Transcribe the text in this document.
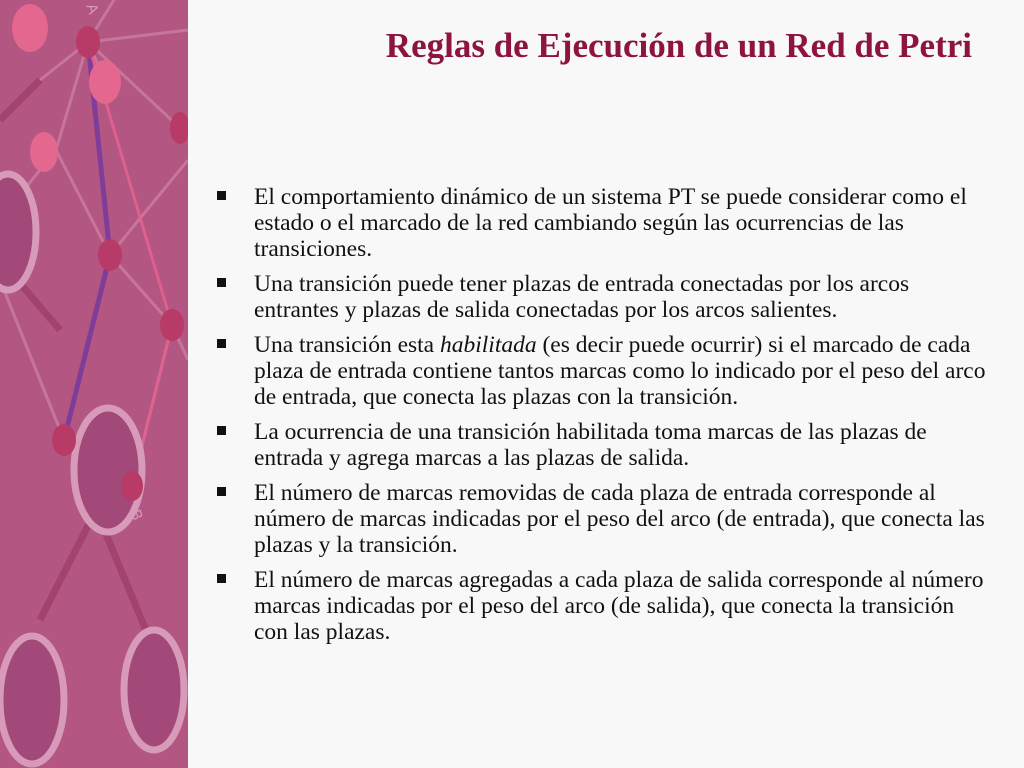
A
B
Reglas de Ejecución de un Red de Petri
El comportamiento dinámico de un sistema PT se puede considerar como el estado o el marcado de la red cambiando según las ocurrencias de las transiciones.
Una transición puede tener plazas de entrada conectadas por los arcos entrantes y plazas de salida conectadas por los arcos salientes.
Una transición esta habilitada (es decir puede ocurrir) si el marcado de cada plaza de entrada contiene tantos marcas como lo indicado por el peso del arco de entrada, que conecta las plazas con la transición.
La ocurrencia de una transición habilitada toma marcas de las plazas de entrada y agrega marcas a las plazas de salida.
El número de marcas removidas de cada plaza de entrada corresponde al número de marcas indicadas por el peso del arco (de entrada), que conecta las plazas y la transición.
El número de marcas agregadas a cada plaza de salida corresponde al número marcas indicadas por el peso del arco (de salida), que conecta la transición con las plazas.
